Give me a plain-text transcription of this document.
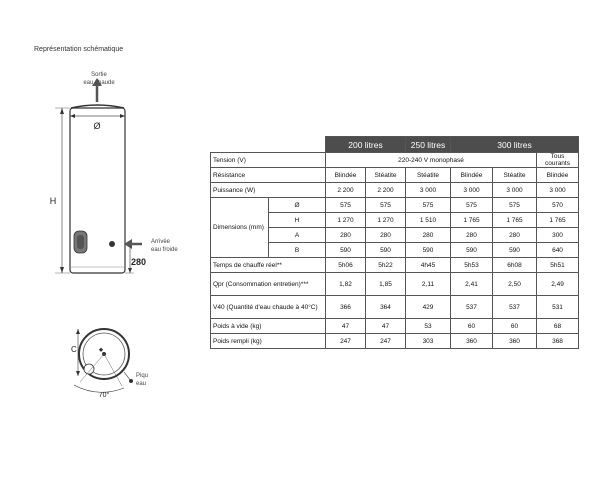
Représentation schématique
Sortie
eau chaude
Ø
H
Arrivée
eau froide
280
C
Piqu
eau
70°
		200 litres		250 litres	300 litres		
Tension (V)		220-240 V monophasé					Tous courants
Résistance		Blindée	Stéatite	Stéatite	Blindée	Stéatite	Blindée
Puissance (W)		2 200	2 200	3 000	3 000	3 000	3 000
Dimensions (mm)	Ø	575	575	575	575	575	570
	H	1 270	1 270	1 510	1 765	1 765	1 765
	A	280	280	280	280	280	300
	B	590	590	590	590	590	640
Temps de chauffe réel**		5h06	5h22	4h45	5h53	6h08	5h51
Qpr (Consommation entretien)***		1,82	1,85	2,11	2,41	2,50	2,49
V40 (Quantité d'eau chaude à 40°C)		366	364	429	537	537	531
Poids à vide (kg)		47	47	53	60	60	68
Poids rempli (kg)		247	247	303	360	360	368
